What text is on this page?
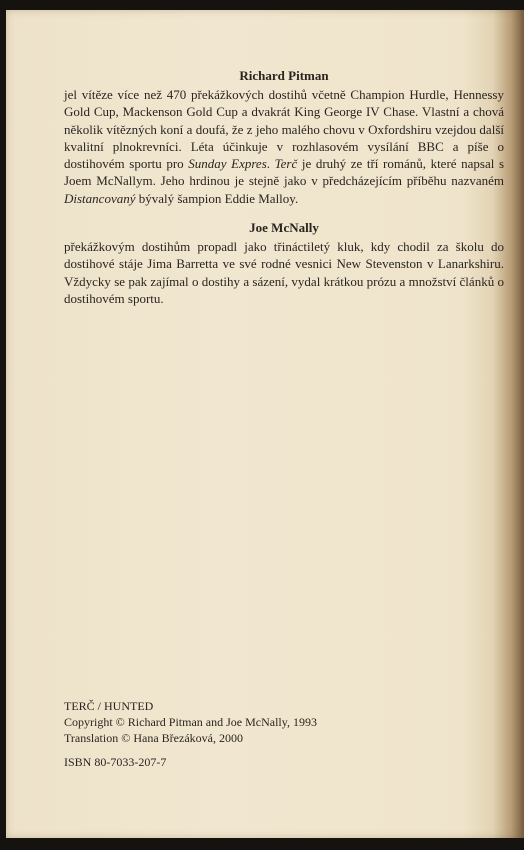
Richard Pitman

jel vítěze více než 470 překážkových dostihů včetně Champion Hurdle, Hennessy Gold Cup, Mackenson Gold Cup a dvakrát King George IV Chase. Vlastní a chová několik vítězných koní a doufá, že z jeho malého chovu v Oxfordshiru vzejdou další kvalitní plnokrevníci. Léta účinkuje v rozhlasovém vysílání BBC a píše o dostihovém sportu pro Sunday Expres. Terč je druhý ze tří románů, které napsal s Joem McNallym. Jeho hrdinou je stejně jako v předcházejícím příběhu nazvaném Distancovaný bývalý šampion Eddie Malloy.

Joe McNally

překážkovým dostihům propadl jako třináctiletý kluk, kdy chodil za školu do dostihové stáje Jima Barretta ve své rodné vesnici New Stevenston v Lanarkshiru. Vždycky se pak zajímal o dostihy a sázení, vydal krátkou prózu a množství článků o dostihovém sportu.

TERČ / HUNTED
Copyright © Richard Pitman and Joe McNally, 1993
Translation © Hana Březáková, 2000
ISBN 80-7033-207-7
